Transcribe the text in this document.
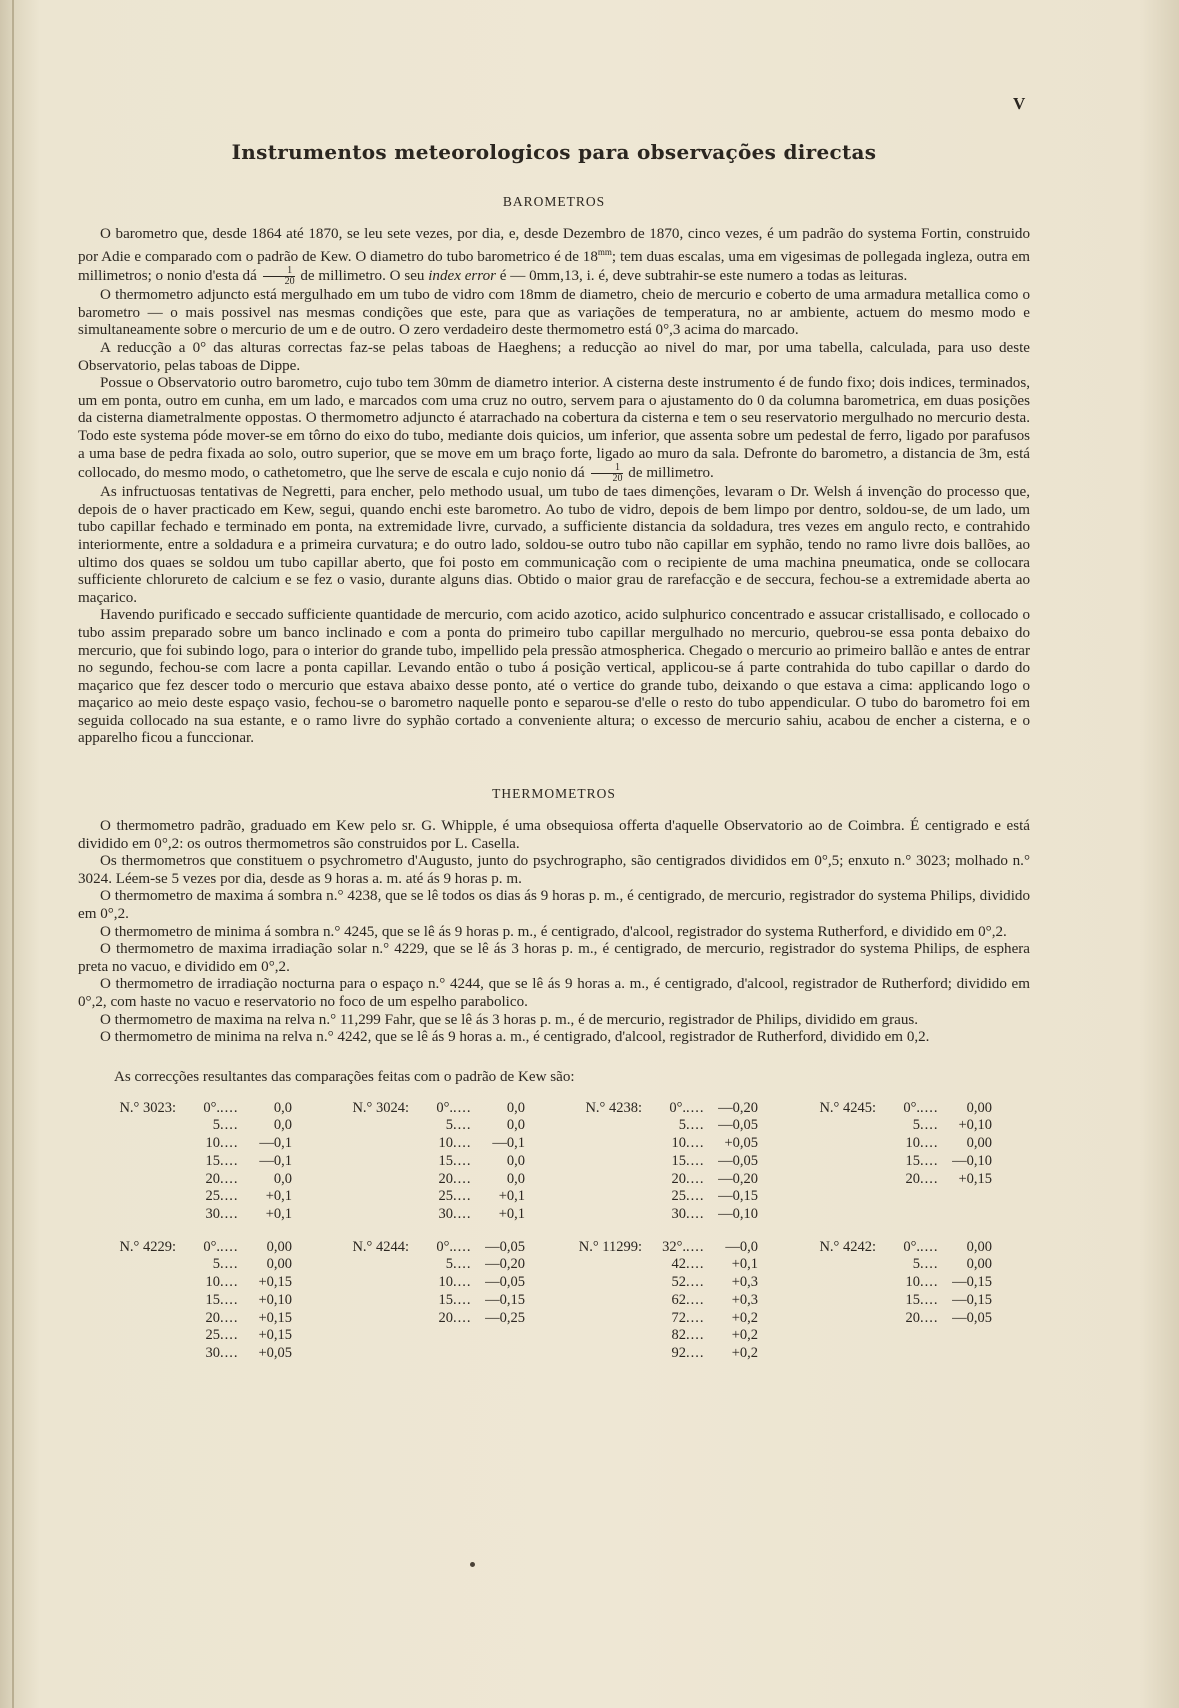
V
Instrumentos meteorologicos para observações directas
BAROMETROS

O barometro que, desde 1864 até 1870, se leu sete vezes, por dia, e, desde Dezembro de 1870, cinco vezes, é um padrão do systema Fortin, construido por Adie e comparado com o padrão de Kew. O diametro do tubo barometrico é de $18^{mm}$; tem duas escalas, uma em vigesimas de pollegada ingleza, outra em millimetros; o nonio d'esta dá $\frac{1}{20}$ de millimetro. O seu index error é — 0mm,13, i. é, deve subtrahir-se este numero a todas as leituras.

O thermometro adjuncto está mergulhado em um tubo de vidro com 18mm de diametro, cheio de mercurio e coberto de uma armadura metallica como o barometro — o mais possivel nas mesmas condições que este, para que as variações de temperatura, no ar ambiente, actuem do mesmo modo e simultaneamente sobre o mercurio de um e de outro. O zero verdadeiro deste thermometro está 0°,3 acima do marcado.

A reducção a 0° das alturas correctas faz-se pelas taboas de Haeghens; a reducção ao nivel do mar, por uma tabella, calculada, para uso deste Observatorio, pelas taboas de Dippe.

Possue o Observatorio outro barometro, cujo tubo tem 30mm de diametro interior. A cisterna deste instrumento é de fundo fixo; dois indices, terminados, um em ponta, outro em cunha, em um lado, e marcados com uma cruz no outro, servem para o ajustamento do 0 da columna barometrica, em duas posições da cisterna diametralmente oppostas. O thermometro adjuncto é atarrachado na cobertura da cisterna e tem o seu reservatorio mergulhado no mercurio desta. Todo este systema póde mover-se em tôrno do eixo do tubo, mediante dois quicios, um inferior, que assenta sobre um pedestal de ferro, ligado por parafusos a uma base de pedra fixada ao solo, outro superior, que se move em um braço forte, ligado ao muro da sala. Defronte do barometro, a distancia de 3m, está collocado, do mesmo modo, o cathetometro, que lhe serve de escala e cujo nonio dá $\frac{1}{20}$ de millimetro.

As infructuosas tentativas de Negretti, para encher, pelo methodo usual, um tubo de taes dimenções, levaram o Dr. Welsh á invenção do processo que, depois de o haver practicado em Kew, segui, quando enchi este barometro. Ao tubo de vidro, depois de bem limpo por dentro, soldou-se, de um lado, um tubo capillar fechado e terminado em ponta, na extremidade livre, curvado, a sufficiente distancia da soldadura, tres vezes em angulo recto, e contrahido interiormente, entre a soldadura e a primeira curvatura; e do outro lado, soldou-se outro tubo não capillar em syphão, tendo no ramo livre dois ballões, ao ultimo dos quaes se soldou um tubo capillar aberto, que foi posto em communicação com o recipiente de uma machina pneumatica, onde se collocara sufficiente chlorureto de calcium e se fez o vasio, durante alguns dias. Obtido o maior grau de rarefacção e de seccura, fechou-se a extremidade aberta ao maçarico.

Havendo purificado e seccado sufficiente quantidade de mercurio, com acido azotico, acido sulphurico concentrado e assucar cristallisado, e collocado o tubo assim preparado sobre um banco inclinado e com a ponta do primeiro tubo capillar mergulhado no mercurio, quebrou-se essa ponta debaixo do mercurio, que foi subindo logo, para o interior do grande tubo, impellido pela pressão atmospherica. Chegado o mercurio ao primeiro ballão e antes de entrar no segundo, fechou-se com lacre a ponta capillar. Levando então o tubo á posição vertical, applicou-se á parte contrahida do tubo capillar o dardo do maçarico que fez descer todo o mercurio que estava abaixo desse ponto, até o vertice do grande tubo, deixando o que estava a cima: applicando logo o maçarico ao meio deste espaço vasio, fechou-se o barometro naquelle ponto e separou-se d'elle o resto do tubo appendicular. O tubo do barometro foi em seguida collocado na sua estante, e o ramo livre do syphão cortado a conveniente altura; o excesso de mercurio sahiu, acabou de encher a cisterna, e o apparelho ficou a funccionar.

THERMOMETROS

O thermometro padrão, graduado em Kew pelo sr. G. Whipple, é uma obsequiosa offerta d'aquelle Observatorio ao de Coimbra. É centigrado e está dividido em 0°,2: os outros thermometros são construidos por L. Casella.

Os thermometros que constituem o psychrometro d'Augusto, junto do psychrographo, são centigrados divididos em 0°,5; enxuto n.° 3023; molhado n.° 3024. Léem-se 5 vezes por dia, desde as 9 horas a. m. até ás 9 horas p. m.

O thermometro de maxima á sombra n.° 4238, que se lê todos os dias ás 9 horas p. m., é centigrado, de mercurio, registrador do systema Philips, dividido em 0°,2.

O thermometro de minima á sombra n.° 4245, que se lê ás 9 horas p. m., é centigrado, d'alcool, registrador do systema Rutherford, e dividido em 0°,2.

O thermometro de maxima irradiação solar n.° 4229, que se lê ás 3 horas p. m., é centigrado, de mercurio, registrador do systema Philips, de esphera preta no vacuo, e dividido em 0°,2.

O thermometro de irradiação nocturna para o espaço n.° 4244, que se lê ás 9 horas a. m., é centigrado, d'alcool, registrador de Rutherford; dividido em 0°,2, com haste no vacuo e reservatorio no foco de um espelho parabolico.

O thermometro de maxima na relva n.° 11,299 Fahr, que se lê ás 3 horas p. m., é de mercurio, registrador de Philips, dividido em graus.

O thermometro de minima na relva n.° 4242, que se lê ás 9 horas a. m., é centigrado, d'alcool, registrador de Rutherford, dividido em 0,2.

As correcções resultantes das comparações feitas com o padrão de Kew são:
N.° 3023:	0°. ....	0,0
5 ....	0,0
10 ....	—0,1
15 ....	—0,1
20 ....	0,0
25 ....	+0,1
30 ....	+0,1
N.° 3024:	0°. ....	0,0
5 ....	0,0
10 ....	—0,1
15 ....	0,0
20 ....	0,0
25 ....	+0,1
30 ....	+0,1
N.° 4238:	0°. .... —0,20
5 .... —0,05
10 ....	+0,05
15 .... —0,05
20 .... —0,20
25 .... —0,15
30 .... —0,10
N.° 4245:	0°. ....	0,00
5 ....	+0,10
10 ....	0,00
15 .... —0,10
20 ....	+0,15
N.° 4229:	0°. ....	0,00
5 ....	0,00
10 ....	+0,15
15 ....	+0,10
20 ....	+0,15
25 ....	+0,15
30 ....	+0,05
N.° 4244:	0°. .... —0,05
5 .... —0,20
10 .... —0,05
15 .... —0,15
20 .... —0,25
N.° 11299:	32°. ....	—0,0
42 ....	+0,1
52 ....	+0,3
62 ....	+0,3
72 ....	+0,2
82 ....	+0,2
92 ....	+0,2
N.° 4242:	0°. ....	0,00
5 ....	0,00
10 .... —0,15
15 .... —0,15
20 .... —0,05
